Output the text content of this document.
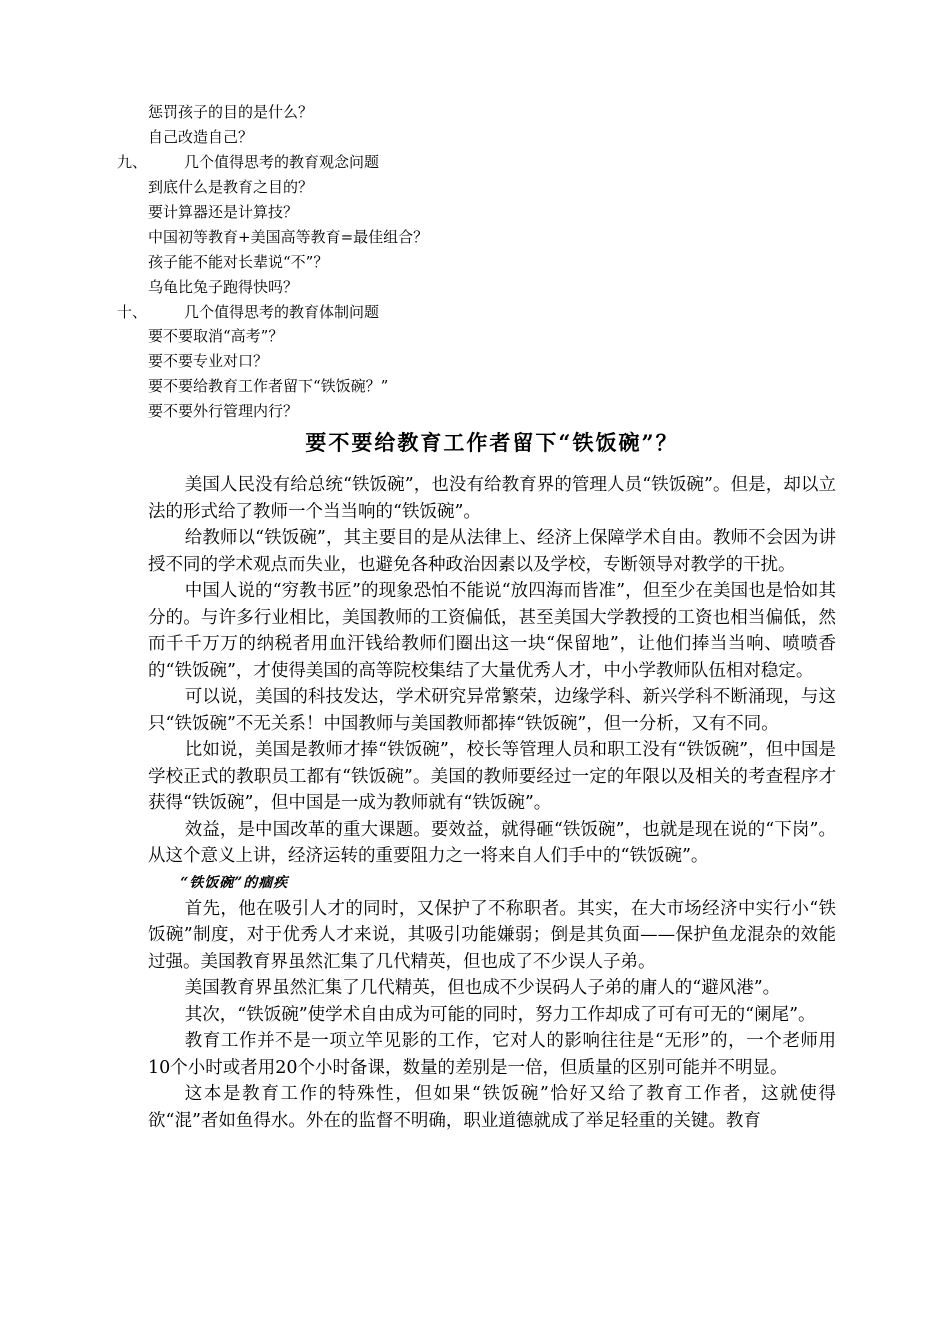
惩罚孩子的目的是什么？
自己改造自己？
九、 几个值得思考的教育观念问题
到底什么是教育之目的？
要计算器还是计算技？
中国初等教育+美国高等教育=最佳组合？
孩子能不能对长辈说“不”？
乌龟比兔子跑得快吗？
十、 几个值得思考的教育体制问题
要不要取消“高考”？
要不要专业对口？
要不要给教育工作者留下“铁饭碗？”
要不要外行管理内行？
要不要给教育工作者留下“铁饭碗”？

美国人民没有给总统“铁饭碗”，也没有给教育界的管理人员“铁饭碗”。但是，却以立法的形式给了教师一个当当响的“铁饭碗”。

给教师以“铁饭碗”，其主要目的是从法律上、经济上保障学术自由。教师不会因为讲授不同的学术观点而失业，也避免各种政治因素以及学校，专断领导对教学的干扰。

中国人说的“穷教书匠”的现象恐怕不能说“放四海而皆准”，但至少在美国也是恰如其分的。与许多行业相比，美国教师的工资偏低，甚至美国大学教授的工资也相当偏低，然而千千万万的纳税者用血汗钱给教师们圈出这一块“保留地”，让他们捧当当响、喷喷香的“铁饭碗”，才使得美国的高等院校集结了大量优秀人才，中小学教师队伍相对稳定。

可以说，美国的科技发达，学术研究异常繁荣，边缘学科、新兴学科不断涌现，与这只“铁饭碗”不无关系！中国教师与美国教师都捧“铁饭碗”，但一分析，又有不同。

比如说，美国是教师才捧“铁饭碗”，校长等管理人员和职工没有“铁饭碗”，但中国是学校正式的教职员工都有“铁饭碗”。美国的教师要经过一定的年限以及相关的考查程序才获得“铁饭碗”，但中国是一成为教师就有“铁饭碗”。

效益，是中国改革的重大课题。要效益，就得砸“铁饭碗”，也就是现在说的“下岗”。从这个意义上讲，经济运转的重要阻力之一将来自人们手中的“铁饭碗”。

“铁饭碗”的痼疾

首先，他在吸引人才的同时，又保护了不称职者。其实，在大市场经济中实行小“铁饭碗”制度，对于优秀人才来说，其吸引功能嫌弱；倒是其负面——保护鱼龙混杂的效能过强。美国教育界虽然汇集了几代精英，但也成了不少误人子弟。

美国教育界虽然汇集了几代精英，但也成不少误码人子弟的庸人的“避风港”。

其次，“铁饭碗”使学术自由成为可能的同时，努力工作却成了可有可无的“阑尾”。

教育工作并不是一项立竿见影的工作，它对人的影响往往是“无形”的，一个老师用10个小时或者用20个小时备课，数量的差别是一倍，但质量的区别可能并不明显。

这本是教育工作的特殊性，但如果“铁饭碗”恰好又给了教育工作者，这就使得欲“混”者如鱼得水。外在的监督不明确，职业道德就成了举足轻重的关键。教育
